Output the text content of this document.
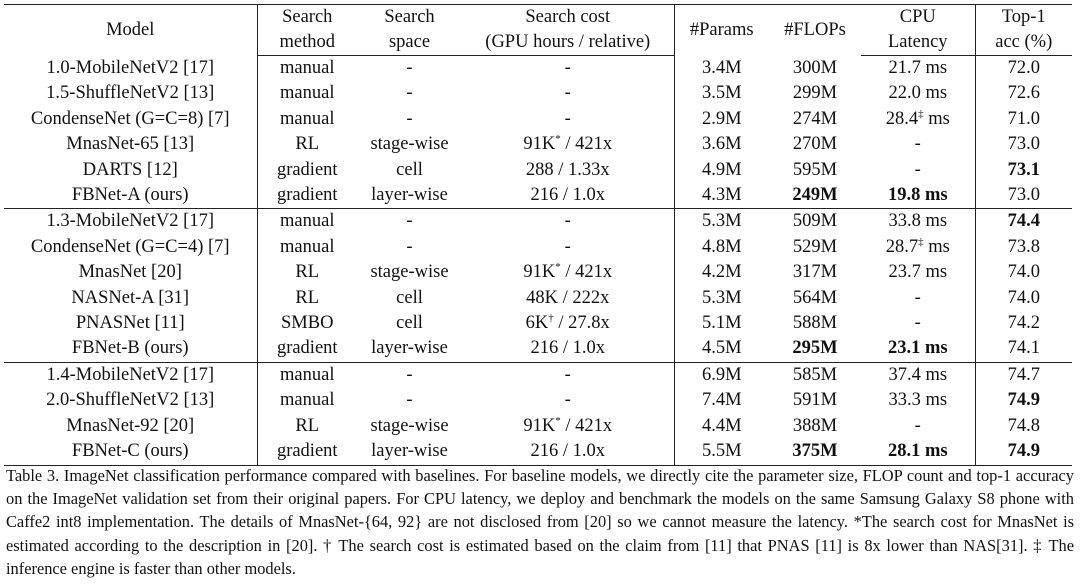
Model	Search	Search	Search cost	#Params	#FLOPs	CPU	Top-1
	method	space	(GPU hours / relative)			Latency	acc (%)
1.0-MobileNetV2 [17]	manual	-	-	3.4M	300M	21.7 ms	72.0
1.5-ShuffleNetV2 [13]	manual	-	-	3.5M	299M	22.0 ms	72.6
CondenseNet (G=C=8) [7]	manual	-	-	2.9M	274M	28.4‡ ms	71.0
MnasNet-65 [13]	RL	stage-wise	91K* / 421x	3.6M	270M	-	73.0
DARTS [12]	gradient	cell	288 / 1.33x	4.9M	595M	-	73.1
FBNet-A (ours)	gradient	layer-wise	216 / 1.0x	4.3M	249M	19.8 ms	73.0
1.3-MobileNetV2 [17]	manual	-	-	5.3M	509M	33.8 ms	74.4
CondenseNet (G=C=4) [7]	manual	-	-	4.8M	529M	28.7‡ ms	73.8
MnasNet [20]	RL	stage-wise	91K* / 421x	4.2M	317M	23.7 ms	74.0
NASNet-A [31]	RL	cell	48K / 222x	5.3M	564M	-	74.0
PNASNet [11]	SMBO	cell	6K† / 27.8x	5.1M	588M	-	74.2
FBNet-B (ours)	gradient	layer-wise	216 / 1.0x	4.5M	295M	23.1 ms	74.1
1.4-MobileNetV2 [17]	manual	-	-	6.9M	585M	37.4 ms	74.7
2.0-ShuffleNetV2 [13]	manual	-	-	7.4M	591M	33.3 ms	74.9
MnasNet-92 [20]	RL	stage-wise	91K* / 421x	4.4M	388M	-	74.8
FBNet-C (ours)	gradient	layer-wise	216 / 1.0x	5.5M	375M	28.1 ms	74.9

Table 3. ImageNet classification performance compared with baselines. For baseline models, we directly cite the parameter size, FLOP count and top-1 accuracy on the ImageNet validation set from their original papers. For CPU latency, we deploy and benchmark the models on the same Samsung Galaxy S8 phone with Caffe2 int8 implementation. The details of MnasNet-{64, 92} are not disclosed from [20] so we cannot measure the latency. *The search cost for MnasNet is estimated according to the description in [20]. † The search cost is estimated based on the claim from [11] that PNAS [11] is 8x lower than NAS[31]. ‡ The inference engine is faster than other models.
